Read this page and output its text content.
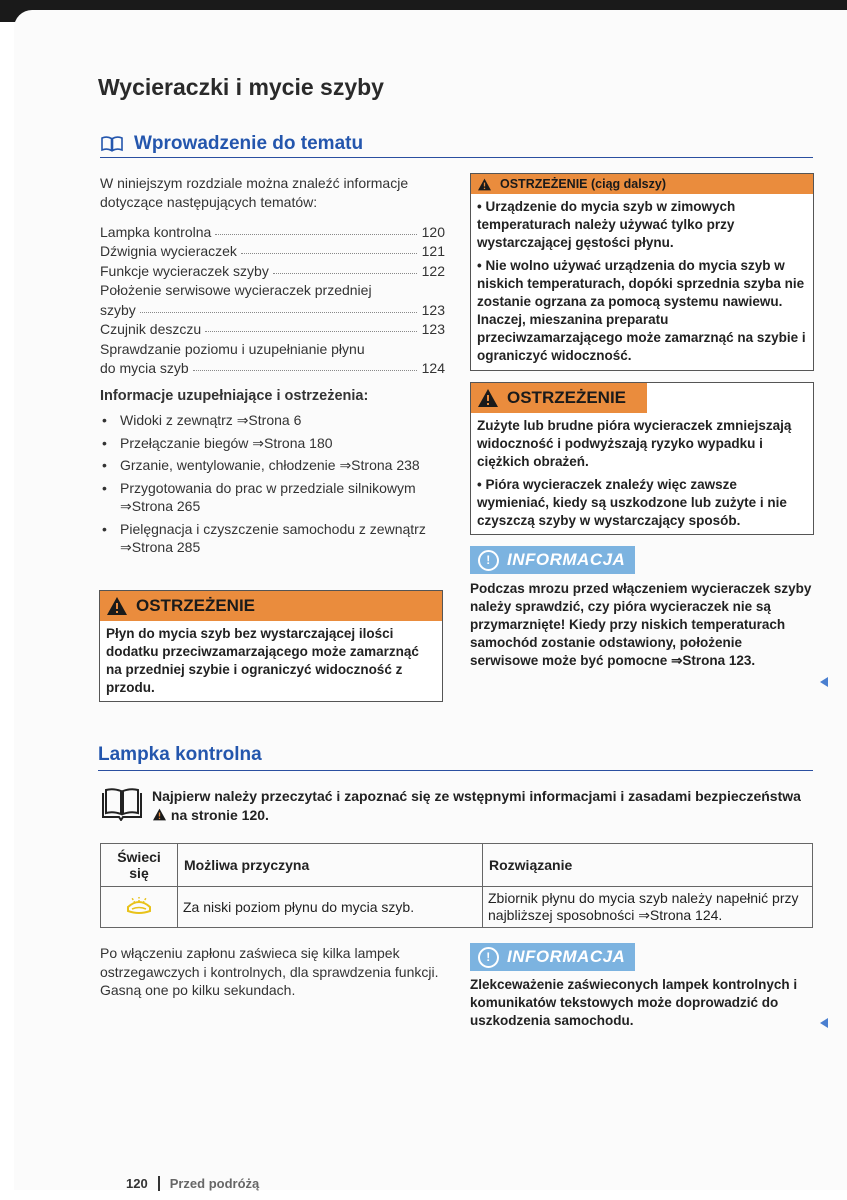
Wycieraczki i mycie szyby
Wprowadzenie do tematu
W niniejszym rozdziale można znaleźć informacje dotyczące następujących tematów:
Lampka kontrolna	120
Dźwignia wycieraczek	121
Funkcje wycieraczek szyby	122
Położenie serwisowe wycieraczek przedniej
szyby	123
Czujnik deszczu	123
Sprawdzanie poziomu i uzupełnianie płynu
do mycia szyb	124
Informacje uzupełniające i ostrzeżenia:
• Widoki z zewnątrz ⇒Strona 6
• Przełączanie biegów ⇒Strona 180
• Grzanie, wentylowanie, chłodzenie ⇒Strona 238
• Przygotowania do prac w przedziale silnikowym ⇒Strona 265
• Pielęgnacja i czyszczenie samochodu z zewnątrz ⇒Strona 285
OSTRZEŻENIE
Płyn do mycia szyb bez wystarczającej ilości dodatku przeciwzamarzającego może zamarznąć na przedniej szybie i ograniczyć widoczność z przodu.
OSTRZEŻENIE (ciąg dalszy)

• Urządzenie do mycia szyb w zimowych temperaturach należy używać tylko przy wystarczającej gęstości płynu.

• Nie wolno używać urządzenia do mycia szyb w niskich temperaturach, dopóki sprzednia szyba nie zostanie ogrzana za pomocą systemu nawiewu. Inaczej, mieszanina preparatu przeciwzamarzającego może zamarznąć na szybie i ograniczyć widoczność.

OSTRZEŻENIE

Zużyte lub brudne pióra wycieraczek zmniejszają widoczność i podwyższają ryzyko wypadku i ciężkich obrażeń.

• Pióra wycieraczek znaleźy więc zawsze wymieniać, kiedy są uszkodzone lub zużyte i nie czyszczą szyby w wystarczający sposób.

! INFORMACJA
Podczas mrozu przed włączeniem wycieraczek szyby należy sprawdzić, czy pióra wycieraczek nie są przymarznięte! Kiedy przy niskich temperaturach samochód zostanie odstawiony, położenie serwisowe może być pomocne ⇒Strona 123.
Lampka kontrolna
Najpierw należy przeczytać i zapoznać się ze wstępnymi informacjami i zasadami bezpieczeństwa  na stronie 120.
Świeci się	Możliwa przyczyna	Rozwiązanie
	Za niski poziom płynu do mycia szyb.	Zbiornik płynu do mycia szyb należy napełnić przy najbliższej sposobności ⇒Strona 124.
Po włączeniu zapłonu zaświeca się kilka lampek ostrzegawczych i kontrolnych, dla sprawdzenia funkcji. Gasną one po kilku sekundach.
! INFORMACJA
Zlekceważenie zaświeconych lampek kontrolnych i komunikatów tekstowych może doprowadzić do uszkodzenia samochodu.
120 Przed podróżą
